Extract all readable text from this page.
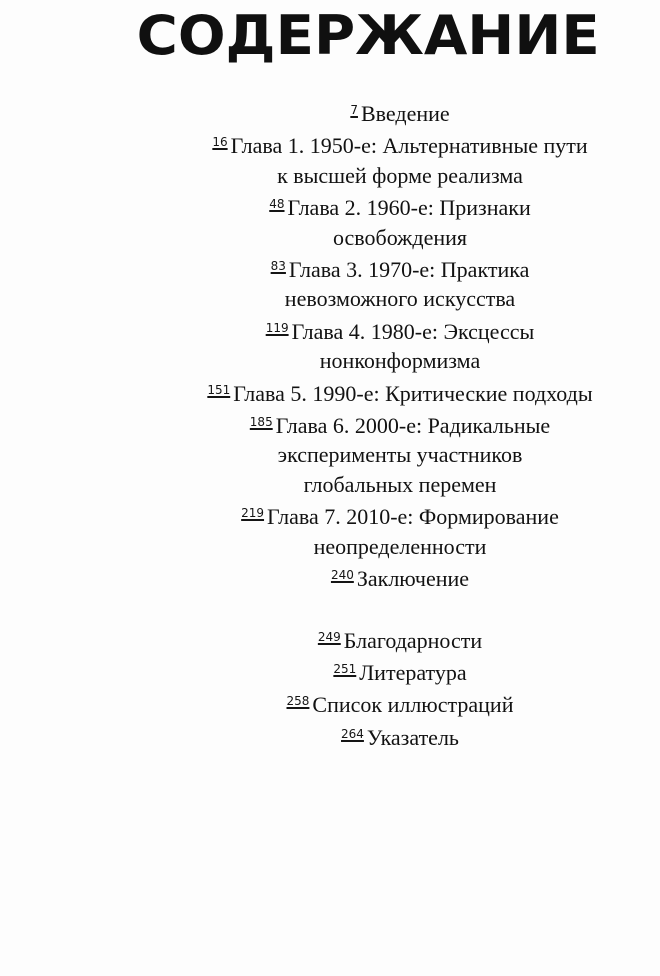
СОДЕРЖАНИЕ
$^7$ Введение
$^{16}$ Глава 1. 1950-е: Альтернативные пути
к высшей форме реализма
$^{48}$ Глава 2. 1960-е: Признаки
освобождения
$^{83}$ Глава 3. 1970-е: Практика
невозможного искусства
$^{119}$ Глава 4. 1980-е: Эксцессы
нонконформизма
$^{151}$ Глава 5. 1990-е: Критические подходы
$^{185}$ Глава 6. 2000-е: Радикальные
эксперименты участников
глобальных перемен
$^{219}$ Глава 7. 2010-е: Формирование
неопределенности
$^{240}$ Заключение
$^{249}$ Благодарности
$^{251}$ Литература
$^{258}$ Список иллюстраций
$^{264}$ Указатель
